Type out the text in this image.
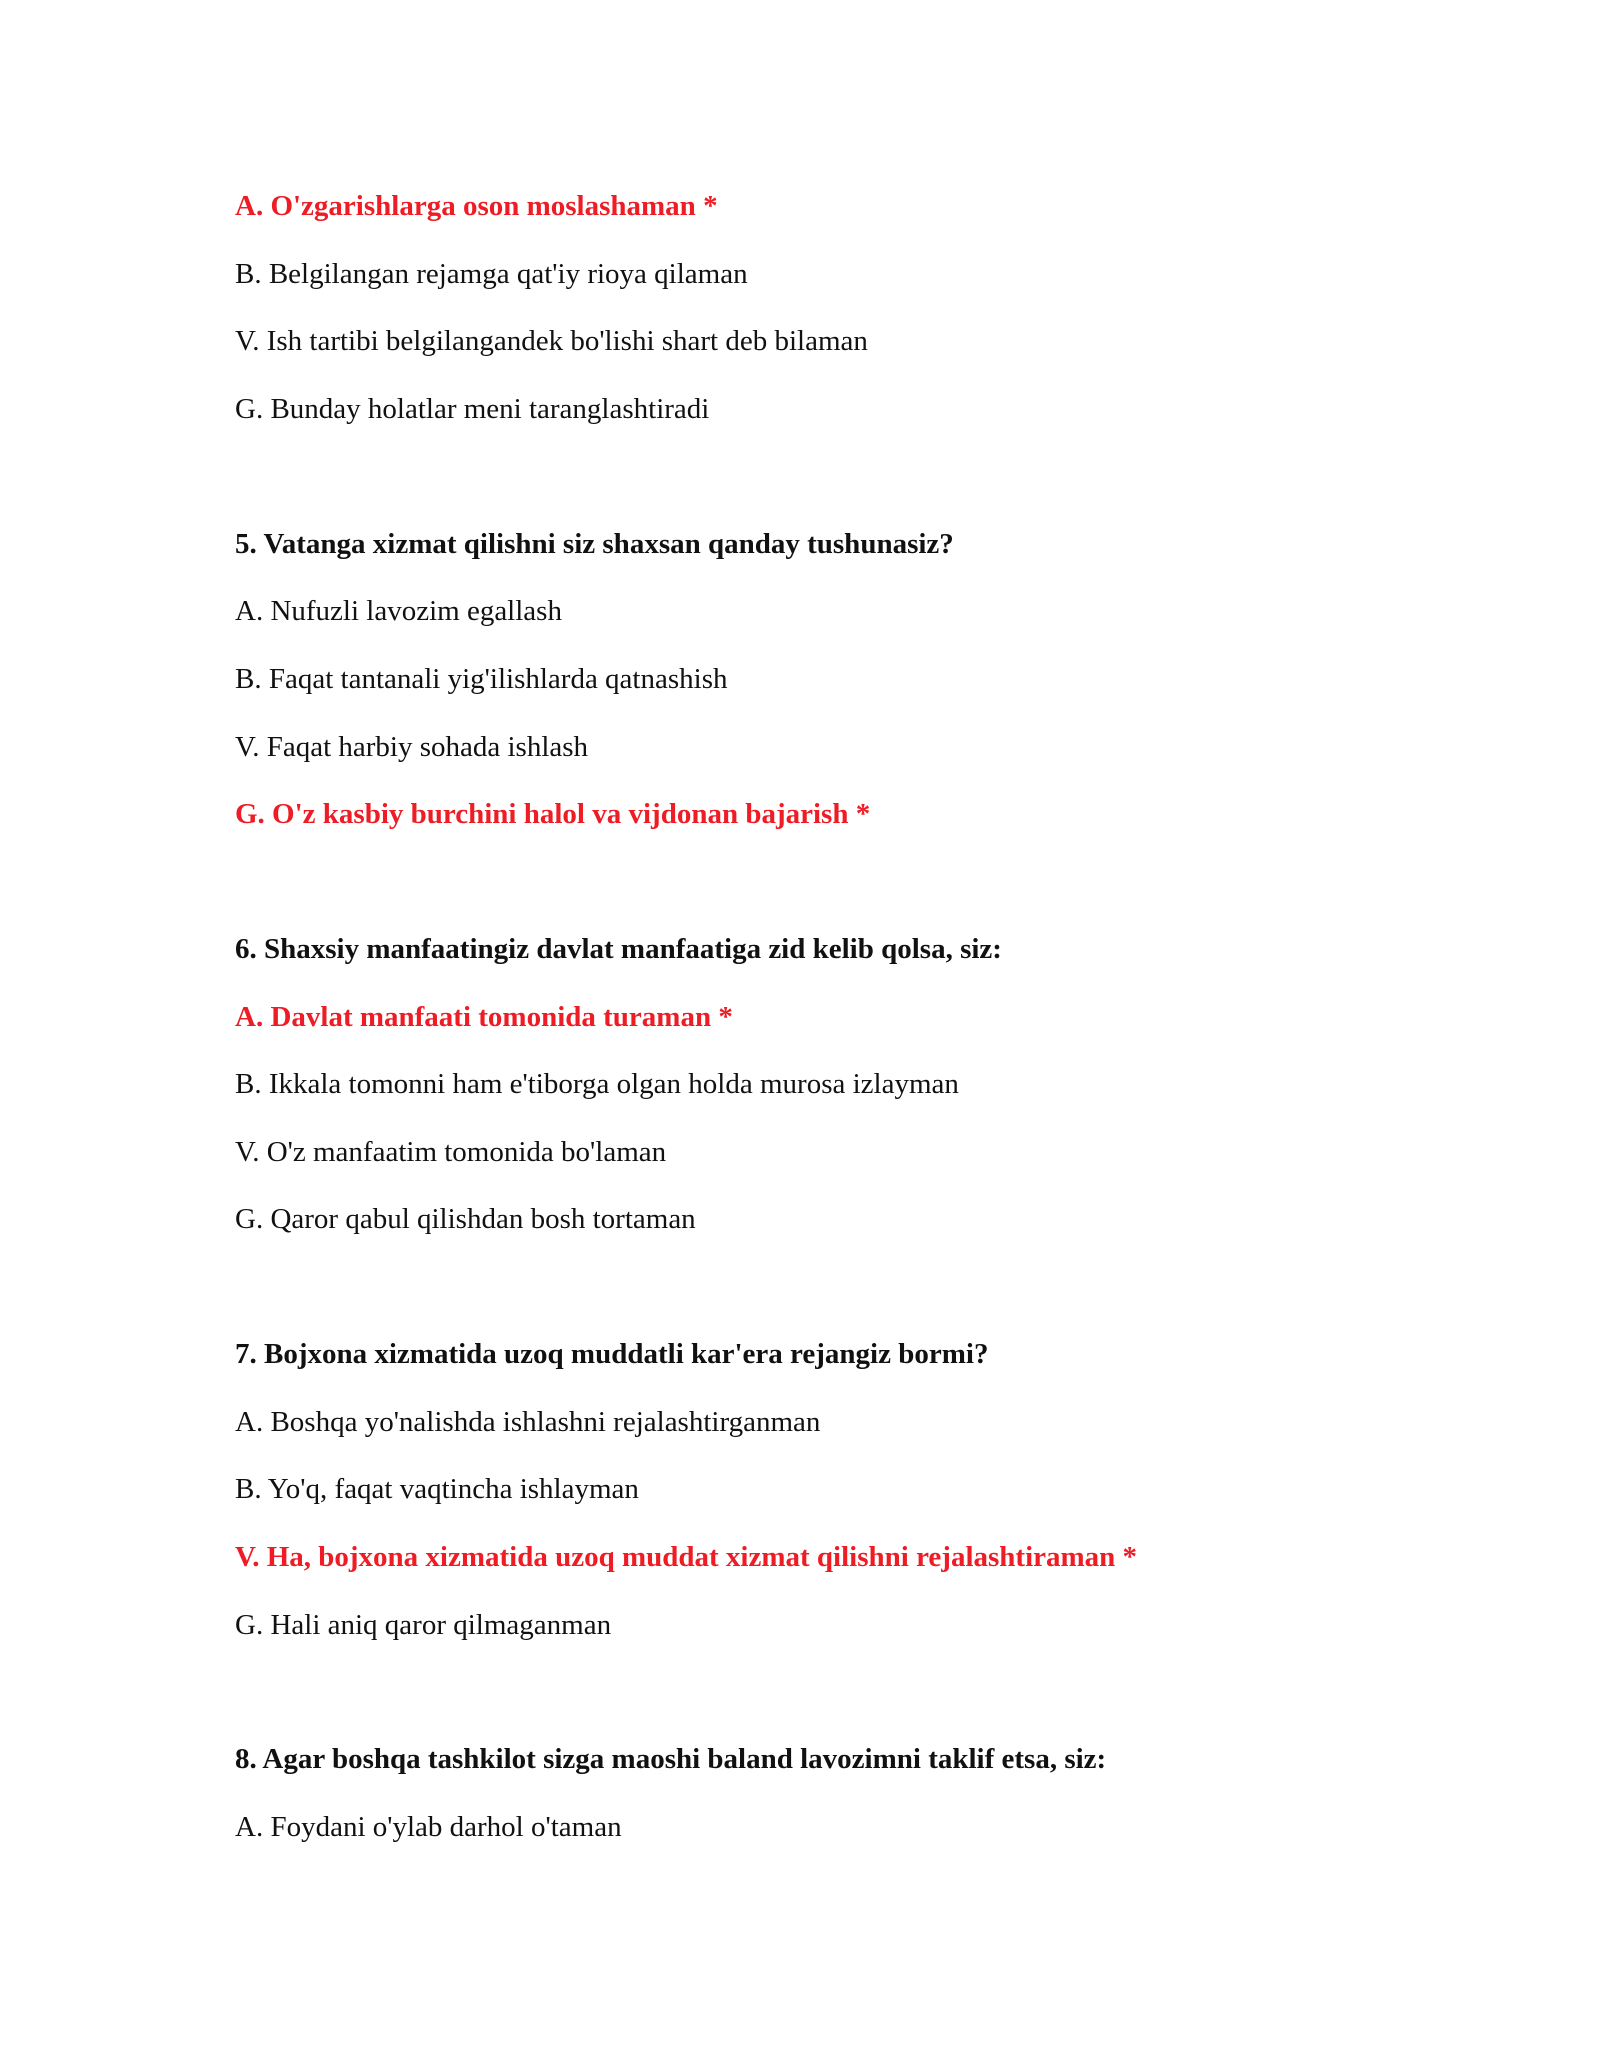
A. O'zgarishlarga oson moslashaman *
B. Belgilangan rejamga qat'iy rioya qilaman
V. Ish tartibi belgilangandek bo'lishi shart deb bilaman
G. Bunday holatlar meni taranglashtiradi
5. Vatanga xizmat qilishni siz shaxsan qanday tushunasiz?
A. Nufuzli lavozim egallash
B. Faqat tantanali yig'ilishlarda qatnashish
V. Faqat harbiy sohada ishlash
G. O'z kasbiy burchini halol va vijdonan bajarish *
6. Shaxsiy manfaatingiz davlat manfaatiga zid kelib qolsa, siz:
A. Davlat manfaati tomonida turaman *
B. Ikkala tomonni ham e'tiborga olgan holda murosa izlayman
V. O'z manfaatim tomonida bo'laman
G. Qaror qabul qilishdan bosh tortaman
7. Bojxona xizmatida uzoq muddatli kar'era rejangiz bormi?
A. Boshqa yo'nalishda ishlashni rejalashtirganman
B. Yo'q, faqat vaqtincha ishlayman
V. Ha, bojxona xizmatida uzoq muddat xizmat qilishni rejalashtiraman *
G. Hali aniq qaror qilmaganman
8. Agar boshqa tashkilot sizga maoshi baland lavozimni taklif etsa, siz:
A. Foydani o'ylab darhol o'taman
